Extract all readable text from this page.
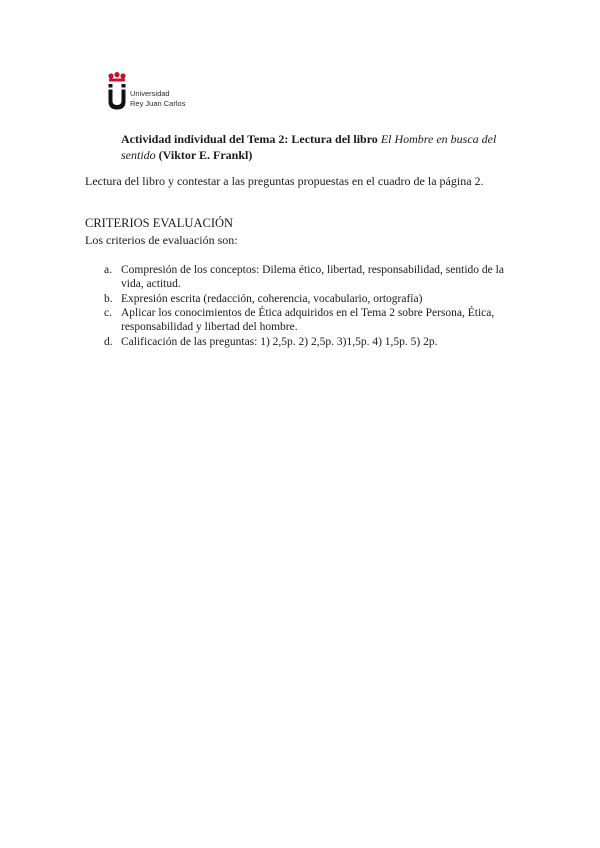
Universidad
Rey Juan Carlos
Actividad individual del Tema 2: Lectura del libro El Hombre en busca del sentido (Viktor E. Frankl)
Lectura del libro y contestar a las preguntas propuestas en el cuadro de la página 2.
CRITERIOS EVALUACIÓN
Los criterios de evaluación son:
a. Compresión de los conceptos: Dilema ético, libertad, responsabilidad, sentido de la vida, actitud.
b. Expresión escrita (redacción, coherencia, vocabulario, ortografía)
c. Aplicar los conocimientos de Ética adquiridos en el Tema 2 sobre Persona, Ética, responsabilidad y libertad del hombre.
d. Calificación de las preguntas: 1) 2,5p. 2) 2,5p. 3)1,5p. 4) 1,5p. 5) 2p.
